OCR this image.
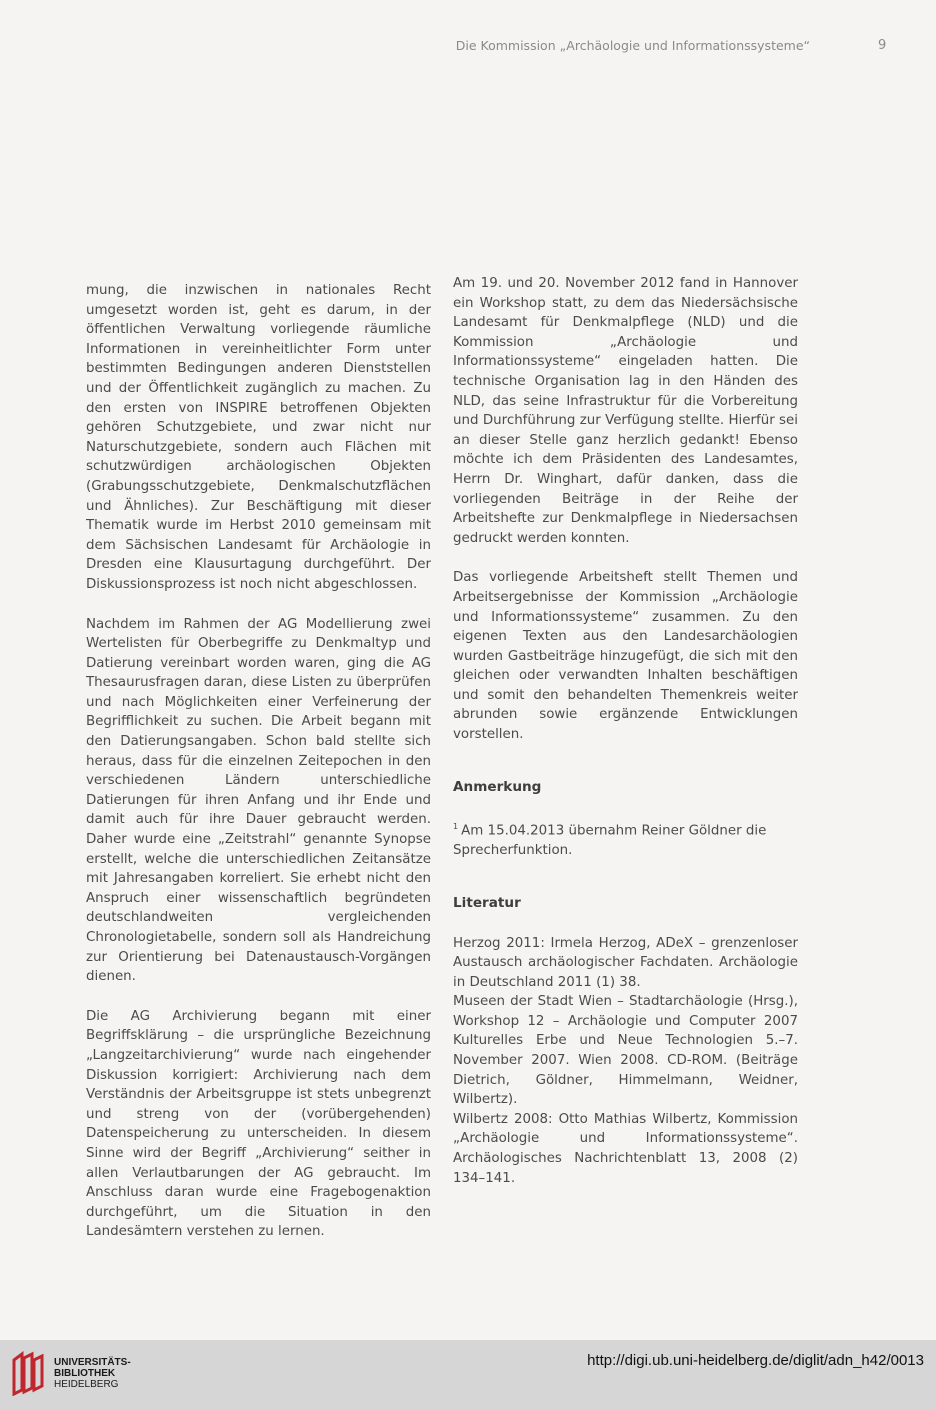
Die Kommission „Archäologie und Informationssysteme“	9

mung, die inzwischen in nationales Recht umgesetzt worden ist, geht es darum, in der öffentlichen Verwaltung vorliegende räumliche Informationen in vereinheitlichter Form unter bestimmten Bedingungen anderen Dienststellen und der Öffentlichkeit zugänglich zu machen. Zu den ersten von INSPIRE betroffenen Objekten gehören Schutzgebiete, und zwar nicht nur Naturschutzgebiete, sondern auch Flächen mit schutzwürdigen archäologischen Objekten (Grabungsschutzgebiete, Denkmalschutzflächen und Ähnliches). Zur Beschäftigung mit dieser Thematik wurde im Herbst 2010 gemeinsam mit dem Sächsischen Landesamt für Archäologie in Dresden eine Klausurtagung durchgeführt. Der Diskussionsprozess ist noch nicht abgeschlossen.

Nachdem im Rahmen der AG Modellierung zwei Wertelisten für Oberbegriffe zu Denkmaltyp und Datierung vereinbart worden waren, ging die AG Thesaurusfragen daran, diese Listen zu überprüfen und nach Möglichkeiten einer Verfeinerung der Begrifflichkeit zu suchen. Die Arbeit begann mit den Datierungsangaben. Schon bald stellte sich heraus, dass für die einzelnen Zeitepochen in den verschiedenen Ländern unterschiedliche Datierungen für ihren Anfang und ihr Ende und damit auch für ihre Dauer gebraucht werden. Daher wurde eine „Zeitstrahl“ genannte Synopse erstellt, welche die unterschiedlichen Zeitansätze mit Jahresangaben korreliert. Sie erhebt nicht den Anspruch einer wissenschaftlich begründeten deutschlandweiten vergleichenden Chronologietabelle, sondern soll als Handreichung zur Orientierung bei Datenaustausch-Vorgängen dienen.

Die AG Archivierung begann mit einer Begriffsklärung – die ursprüngliche Bezeichnung „Langzeitarchivierung“ wurde nach eingehender Diskussion korrigiert: Archivierung nach dem Verständnis der Arbeitsgruppe ist stets unbegrenzt und streng von der (vorübergehenden) Datenspeicherung zu unterscheiden. In diesem Sinne wird der Begriff „Archivierung“ seither in allen Verlautbarungen der AG gebraucht. Im Anschluss daran wurde eine Fragebogenaktion durchgeführt, um die Situation in den Landesämtern verstehen zu lernen.

Am 19. und 20. November 2012 fand in Hannover ein Workshop statt, zu dem das Niedersächsische Landesamt für Denkmalpflege (NLD) und die Kommission „Archäologie und Informationssysteme“ eingeladen hatten. Die technische Organisation lag in den Händen des NLD, das seine Infrastruktur für die Vorbereitung und Durchführung zur Verfügung stellte. Hierfür sei an dieser Stelle ganz herzlich gedankt! Ebenso möchte ich dem Präsidenten des Landesamtes, Herrn Dr. Winghart, dafür danken, dass die vorliegenden Beiträge in der Reihe der Arbeitshefte zur Denkmalpflege in Niedersachsen gedruckt werden konnten.

Das vorliegende Arbeitsheft stellt Themen und Arbeitsergebnisse der Kommission „Archäologie und Informationssysteme“ zusammen. Zu den eigenen Texten aus den Landesarchäologien wurden Gastbeiträge hinzugefügt, die sich mit den gleichen oder verwandten Inhalten beschäftigen und somit den behandelten Themenkreis weiter abrunden sowie ergänzende Entwicklungen vorstellen.

Anmerkung

$^1$ Am 15.04.2013 übernahm Reiner Göldner die Sprecherfunktion.

Literatur

Herzog 2011: Irmela Herzog, ADeX – grenzenloser Austausch archäologischer Fachdaten. Archäologie in Deutschland 2011 (1) 38.

Museen der Stadt Wien – Stadtarchäologie (Hrsg.), Workshop 12 – Archäologie und Computer 2007 Kulturelles Erbe und Neue Technologien 5.–7. November 2007. Wien 2008. CD-ROM. (Beiträge Dietrich, Göldner, Himmelmann, Weidner, Wilbertz).

Wilbertz 2008: Otto Mathias Wilbertz, Kommission „Archäologie und Informationssysteme“. Archäologisches Nachrichtenblatt 13, 2008 (2) 134–141.

UNIVERSITÄTS-
BIBLIOTHEK
HEIDELBERG
http://digi.ub.uni-heidelberg.de/diglit/adn_h42/0013
